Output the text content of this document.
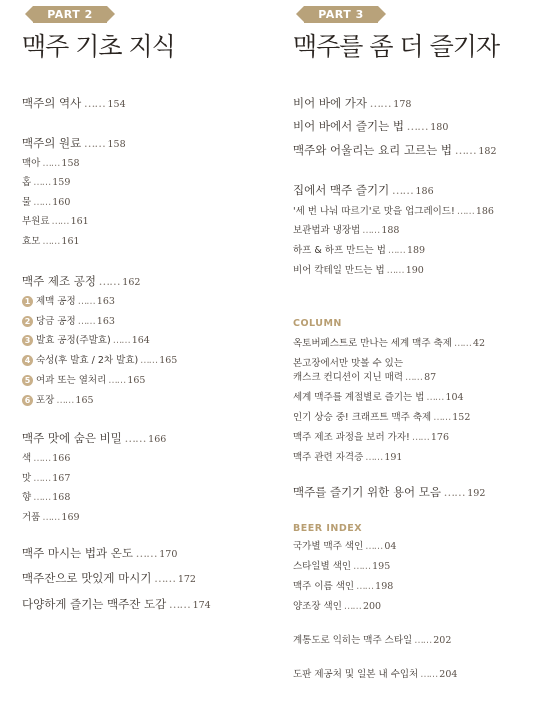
PART 2
맥주 기초 지식
맥주의 역사 …… 154
맥주의 원료 …… 158
맥아 …… 158
홉 …… 159
물 …… 160
부원료 …… 161
효모 …… 161
맥주 제조 공정 …… 162
1 제맥 공정 …… 163
2 당금 공정 …… 163
3 발효 공정(주발효) …… 164
4 숙성(후 발효 / 2차 발효) …… 165
5 여과 또는 열처리 …… 165
6 포장 …… 165
맥주 맛에 숨은 비밀 …… 166
색 …… 166
맛 …… 167
향 …… 168
거품 …… 169
맥주 마시는 법과 온도 …… 170
맥주잔으로 맛있게 마시기 …… 172
다양하게 즐기는 맥주잔 도감 …… 174
PART 3
맥주를 좀 더 즐기자
COLUMN
BEER INDEX
비어 바에 가자 …… 178
비어 바에서 즐기는 법 …… 180
맥주와 어울리는 요리 고르는 법 …… 182
집에서 맥주 즐기기 …… 186
'세 번 나눠 따르기'로 맛을 업그레이드! …… 186
보관법과 냉장법 …… 188
하프 & 하프 만드는 법 …… 189
비어 칵테일 만드는 법 …… 190
옥토버페스트로 만나는 세계 맥주 축제 …… 42
본고장에서만 맛볼 수 있는
캐스크 컨디션이 지닌 매력 …… 87
세계 맥주를 계절별로 즐기는 법 …… 104
인기 상승 중! 크래프트 맥주 축제 …… 152
맥주 제조 과정을 보러 가자! …… 176
맥주 관련 자격증 …… 191
맥주를 즐기기 위한 용어 모음 …… 192
국가별 맥주 색인 …… 04
스타일별 색인 …… 195
맥주 이름 색인 …… 198
양조장 색인 …… 200
계통도로 익히는 맥주 스타일 …… 202
도판 제공처 및 일본 내 수입처 …… 204
